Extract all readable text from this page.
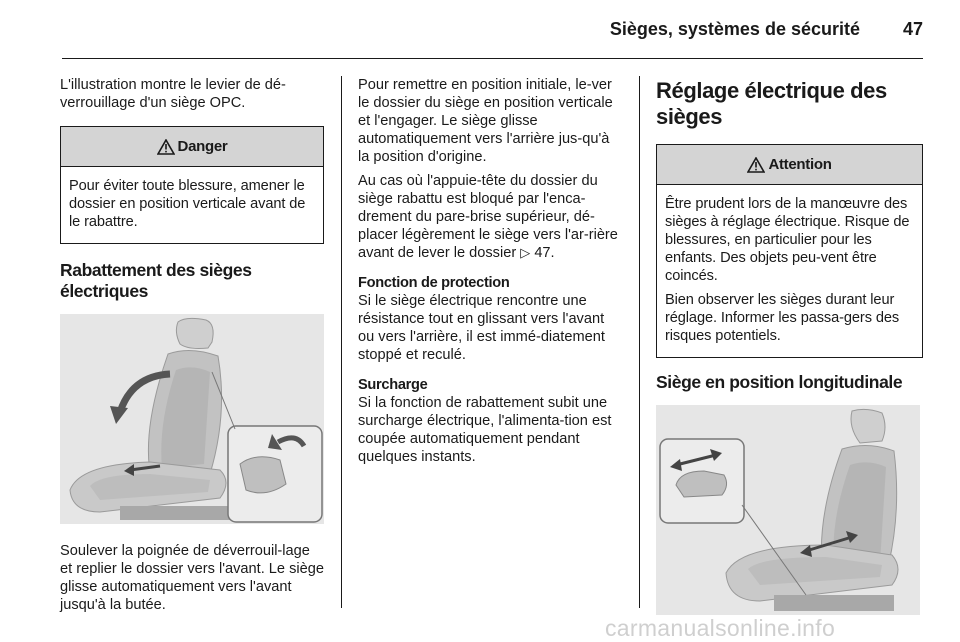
Sièges, systèmes de sécurité	47

L'illustration montre le levier de dé-verrouillage d'un siège OPC.

Danger

Pour éviter toute blessure, amener le dossier en position verticale avant de le rabattre.

Rabattement des sièges électriques

Soulever la poignée de déverrouil-lage et replier le dossier vers l'avant. Le siège glisse automatiquement vers l'avant jusqu'à la butée.

Pour remettre en position initiale, le-ver le dossier du siège en position verticale et l'engager. Le siège glisse automatiquement vers l'arrière jus-qu'à la position d'origine.

Au cas où l'appuie-tête du dossier du siège rabattu est bloqué par l'enca-drement du pare-brise supérieur, dé-placer légèrement le siège vers l'ar-rière avant de lever le dossier ▷ 47.

Fonction de protection

Si le siège électrique rencontre une résistance tout en glissant vers l'avant ou vers l'arrière, il est immé-diatement stoppé et reculé.

Surcharge

Si la fonction de rabattement subit une surcharge électrique, l'alimenta-tion est coupée automatiquement pendant quelques instants.

Réglage électrique des sièges
Attention

Être prudent lors de la manœuvre des sièges à réglage électrique. Risque de blessures, en particulier pour les enfants. Des objets peu-vent être coincés.

Bien observer les sièges durant leur réglage. Informer les passa-gers des risques potentiels.

Siège en position longitudinale
carmanualsonline.info
